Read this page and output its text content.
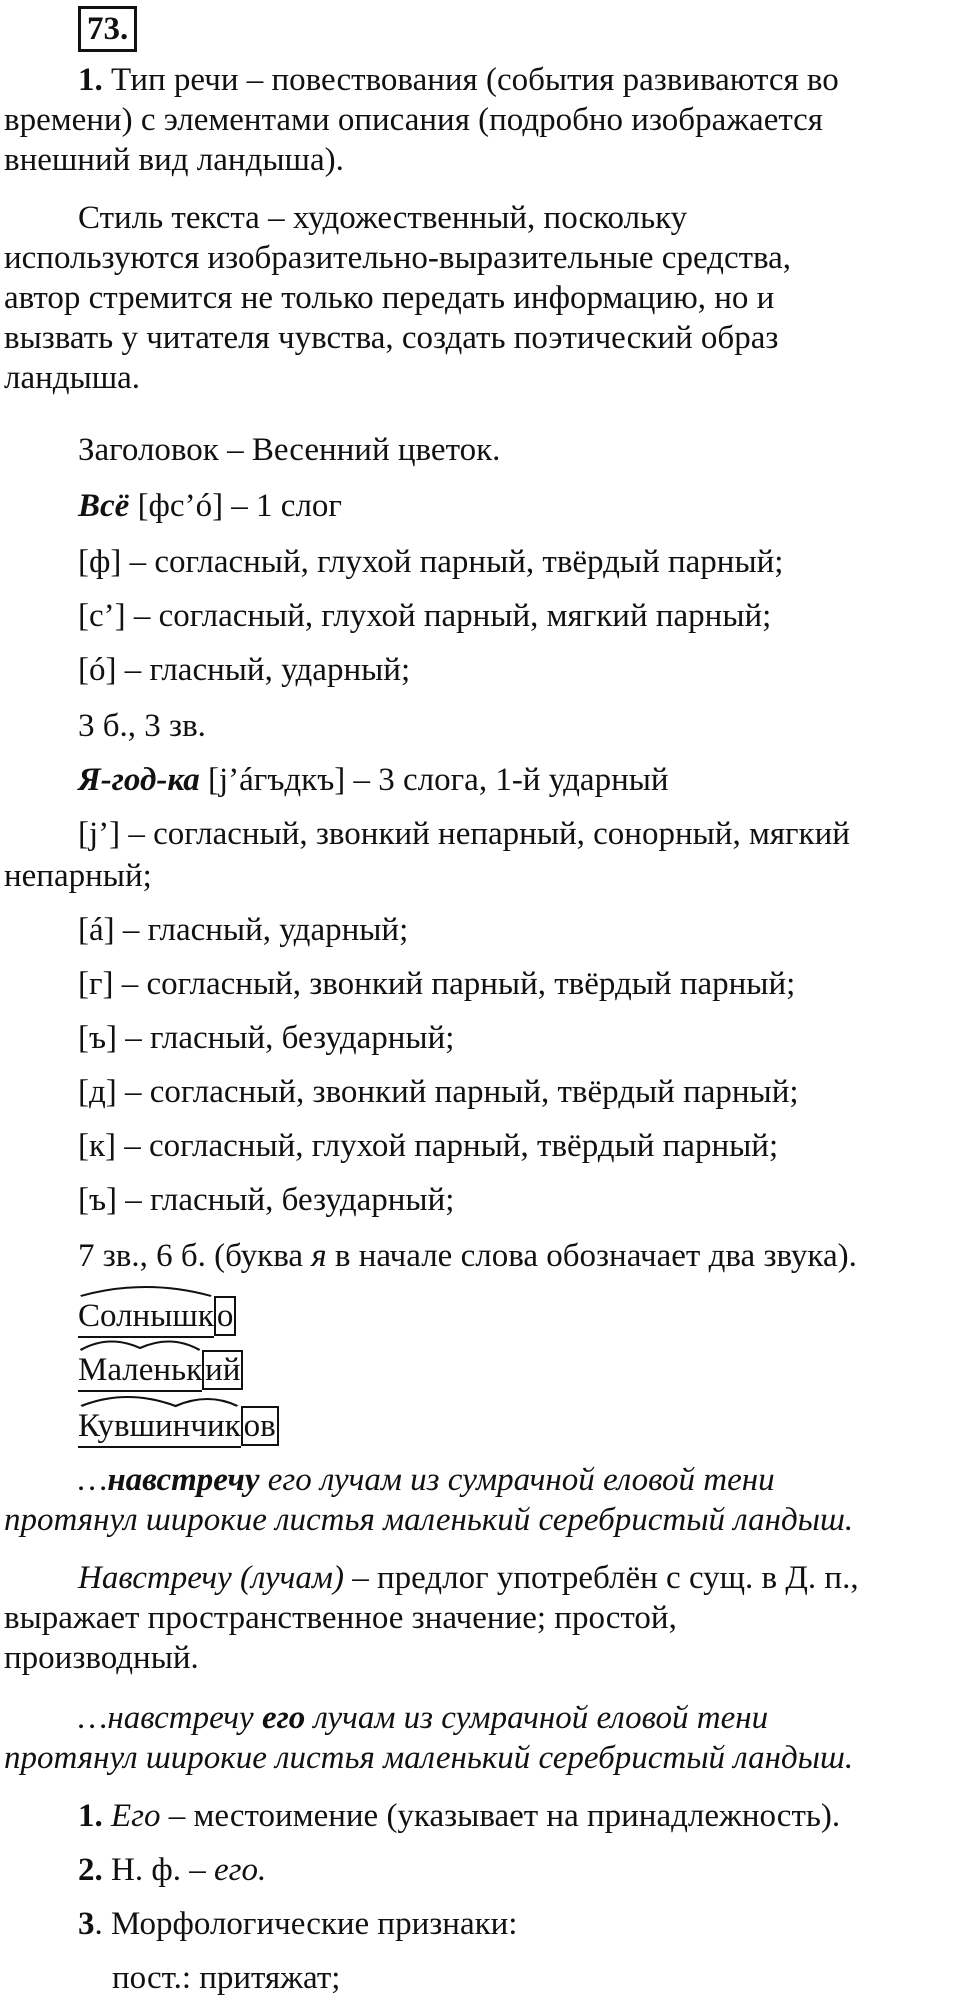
73.
1. Тип речи – повествования (события развиваются во
времени) с элементами описания (подробно изображается
внешний вид ландыша).
Стиль текста – художественный, поскольку
используются изобразительно-выразительные средства,
автор стремится не только передать информацию, но и
вызвать у читателя чувства, создать поэтический образ
ландыша.
Заголовок – Весенний цветок.
Всё [фс’ó] – 1 слог
[ф] – согласный, глухой парный, твёрдый парный;
[с’] – согласный, глухой парный, мягкий парный;
[ó] – гласный, ударный;
3 б., 3 зв.
Я-год-ка [j’áгъдкъ] – 3 слога, 1-й ударный
[j’] – согласный, звонкий непарный, сонорный, мягкий
непарный;
[á] – гласный, ударный;
[г] – согласный, звонкий парный, твёрдый парный;
[ъ] – гласный, безударный;
[д] – согласный, звонкий парный, твёрдый парный;
[к] – согласный, глухой парный, твёрдый парный;
[ъ] – гласный, безударный;
7 зв., 6 б. (буква я в начале слова обозначает два звука).
Солнышко
Маленький
Кувшинчиков
…навстречу его лучам из сумрачной еловой тени
протянул широкие листья маленький серебристый ландыш.
Навстречу (лучам) – предлог употреблён с сущ. в Д. п.,
выражает пространственное значение; простой,
производный.
…навстречу его лучам из сумрачной еловой тени
протянул широкие листья маленький серебристый ландыш.
1. Его – местоимение (указывает на принадлежность).
2. Н. ф. – его.
3. Морфологические признаки:
пост.: притяжат;
